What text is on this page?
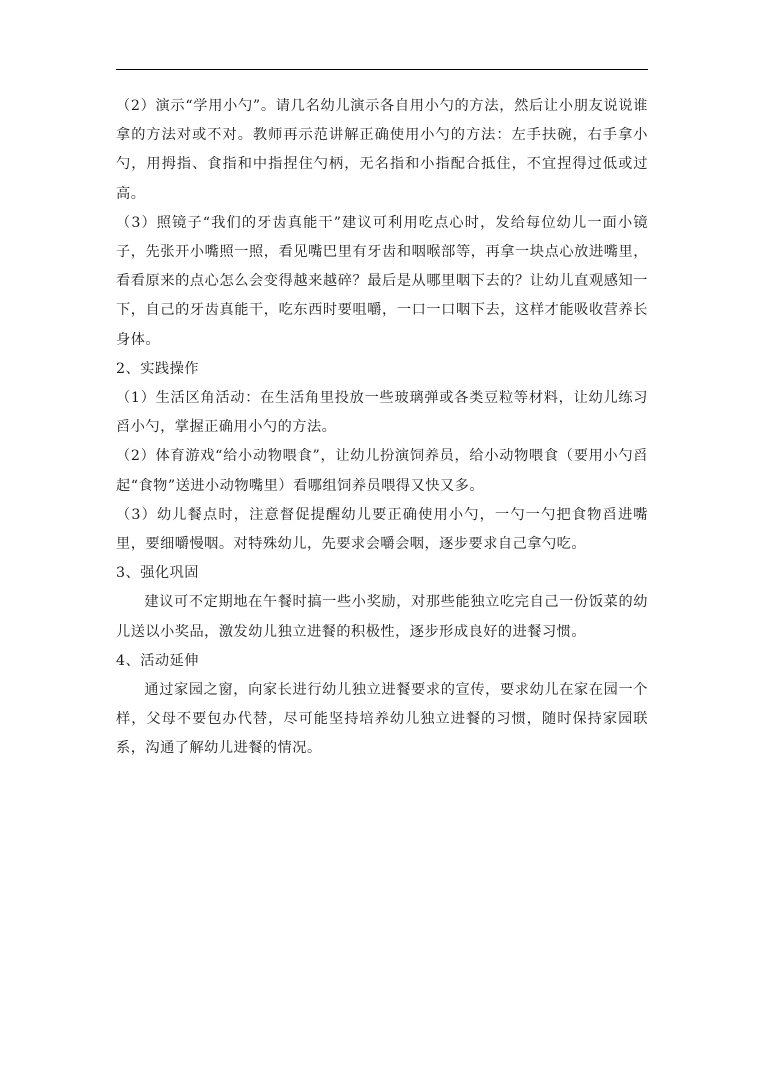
（2）演示“学用小勺”。请几名幼儿演示各自用小勺的方法，然后让小朋友说说谁拿的方法对或不对。教师再示范讲解正确使用小勺的方法：左手扶碗，右手拿小勺，用拇指、食指和中指捏住勺柄，无名指和小指配合抵住，不宜捏得过低或过高。

（3）照镜子“我们的牙齿真能干”建议可利用吃点心时，发给每位幼儿一面小镜子，先张开小嘴照一照，看见嘴巴里有牙齿和咽喉部等，再拿一块点心放进嘴里，看看原来的点心怎么会变得越来越碎？最后是从哪里咽下去的？让幼儿直观感知一下，自己的牙齿真能干，吃东西时要咀嚼，一口一口咽下去，这样才能吸收营养长身体。

2、实践操作

（1）生活区角活动：在生活角里投放一些玻璃弹或各类豆粒等材料，让幼儿练习舀小勺，掌握正确用小勺的方法。

（2）体育游戏“给小动物喂食”，让幼儿扮演饲养员，给小动物喂食（要用小勺舀起“食物”送进小动物嘴里）看哪组饲养员喂得又快又多。

（3）幼儿餐点时，注意督促提醒幼儿要正确使用小勺，一勺一勺把食物舀进嘴里，要细嚼慢咽。对特殊幼儿，先要求会嚼会咽，逐步要求自己拿勺吃。

3、强化巩固

建议可不定期地在午餐时搞一些小奖励，对那些能独立吃完自己一份饭菜的幼儿送以小奖品，激发幼儿独立进餐的积极性，逐步形成良好的进餐习惯。

4、活动延伸

通过家园之窗，向家长进行幼儿独立进餐要求的宣传，要求幼儿在家在园一个样，父母不要包办代替，尽可能坚持培养幼儿独立进餐的习惯，随时保持家园联系，沟通了解幼儿进餐的情况。
